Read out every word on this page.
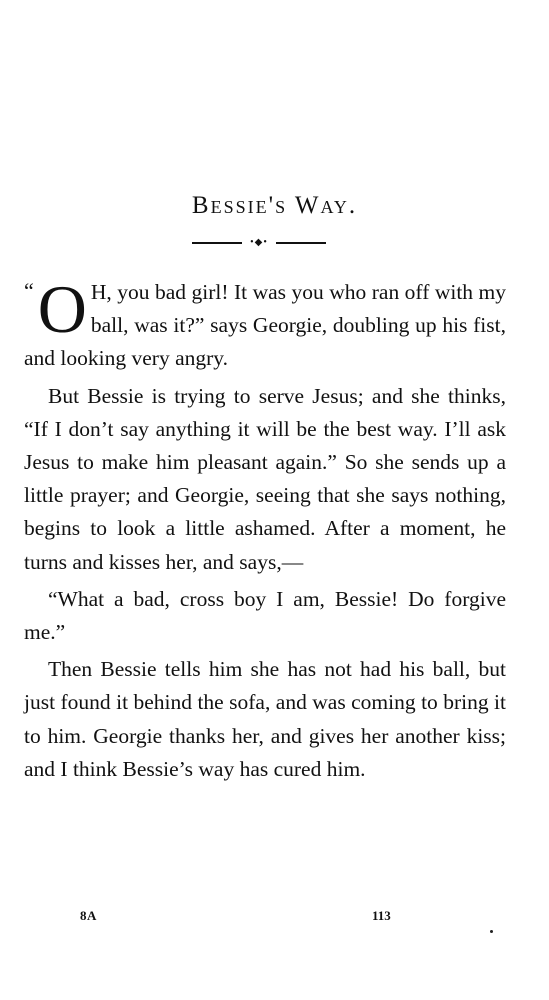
Bessie's Way.
•◆•

“ O H, you bad girl! It was you who ran off with my ball, was it?” says Georgie, doubling up his fist, and looking very angry.

But Bessie is trying to serve Jesus; and she thinks, “If I don’t say anything it will be the best way. I’ll ask Jesus to make him pleasant again.” So she sends up a little prayer; and Georgie, seeing that she says nothing, begins to look a little ashamed. After a moment, he turns and kisses her, and says,—

“What a bad, cross boy I am, Bessie! Do forgive me.”

Then Bessie tells him she has not had his ball, but just found it behind the sofa, and was coming to bring it to him. Georgie thanks her, and gives her another kiss; and I think Bessie’s way has cured him.

8A	113
